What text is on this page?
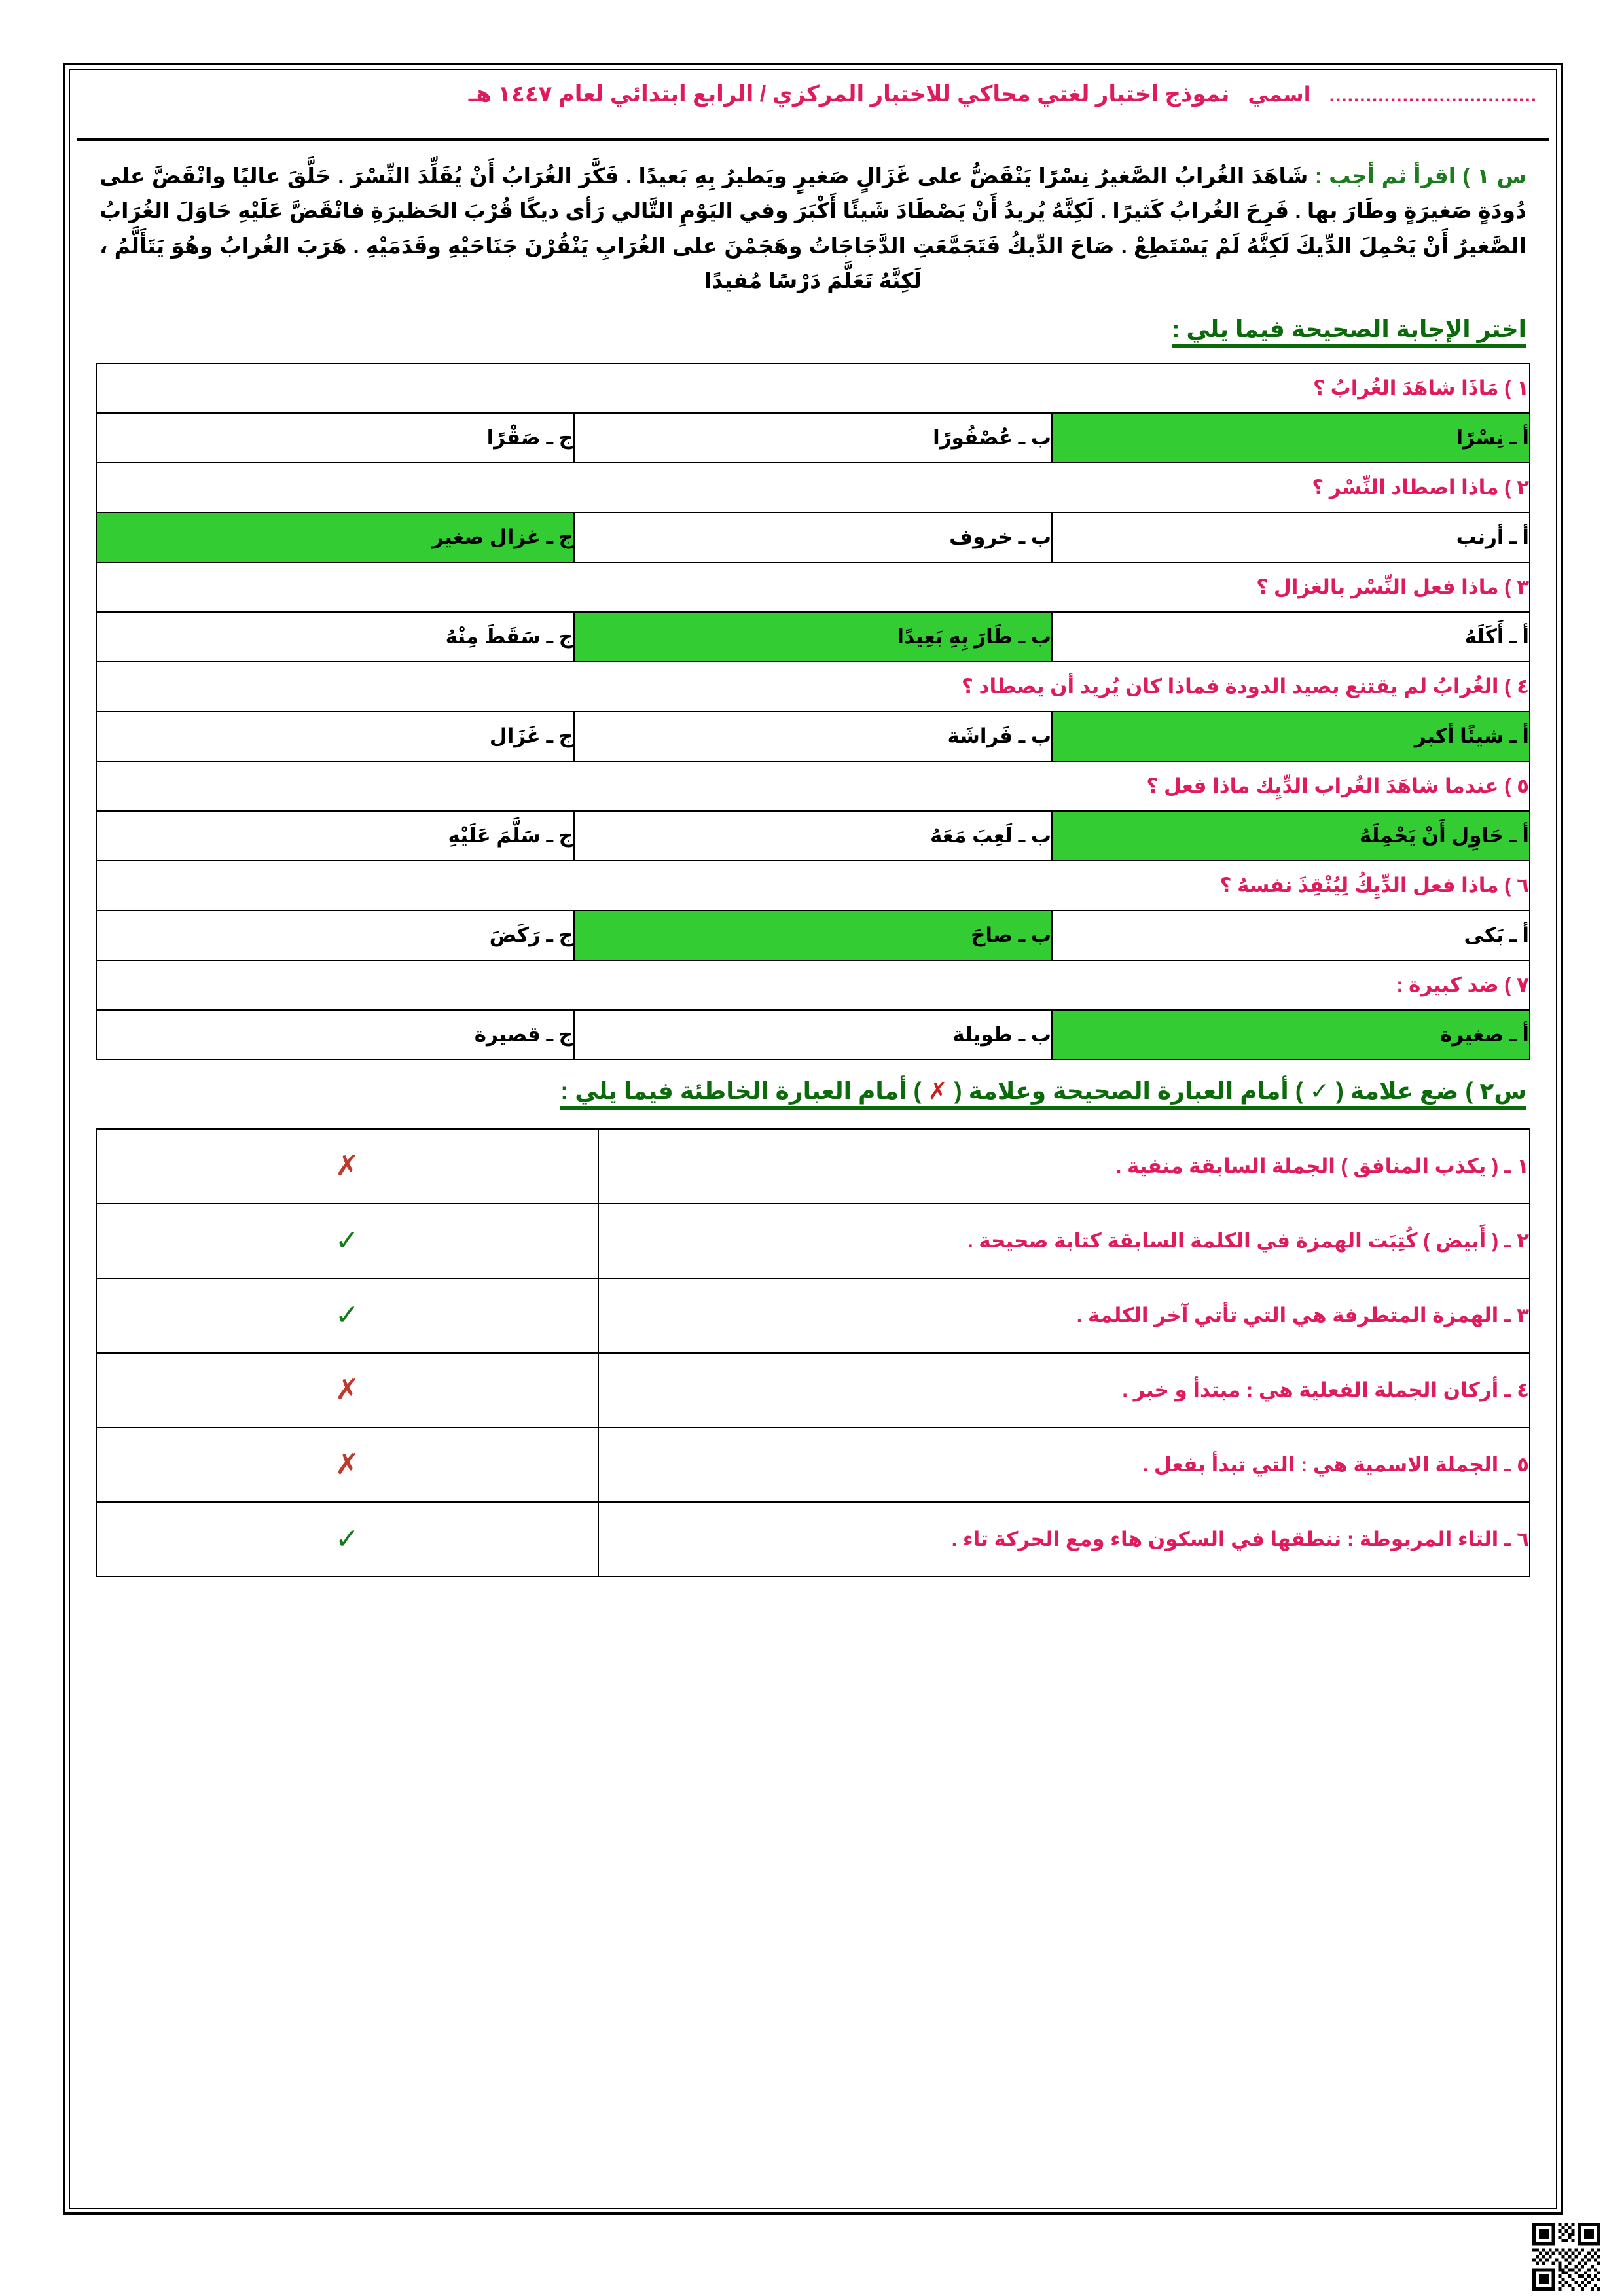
..................................
اسمي
نموذج اختبار لغتي محاكي للاختبار المركزي / الرابع ابتدائي لعام ١٤٤٧ هـ
س ١ ) اقرأ ثم أجب : شَاهَدَ الغُرابُ الصَّغيرُ نِسْرًا يَنْقَضُّ على غَزَالٍ صَغيرٍ ويَطيرُ بِهِ بَعيدًا . فَكَّرَ الغُرَابُ أَنْ يُقَلِّدَ النِّسْرَ . حَلَّقَ عاليًا وانْقَضَّ على دُودَةٍ صَغيرَةٍ وطَارَ بها . فَرِحَ الغُرابُ كَثيرًا . لَكِنَّهُ يُريدُ أَنْ يَصْطَادَ شَيئًا أَكْبَرَ وفي اليَوْمِ التَّالي رَأى ديكًا قُرْبَ الحَظيرَةِ فانْقَضَّ عَلَيْهِ حَاوَلَ الغُرَابُ الصَّغيرُ أَنْ يَحْمِلَ الدِّيكَ لَكِنَّهُ لَمْ يَسْتَطِعْ . صَاحَ الدِّيكُ فَتَجَمَّعَتِ الدَّجَاجَاتُ وهَجَمْنَ على الغُرَابِ يَنْقُرْنَ جَنَاحَيْهِ وقَدَمَيْهِ . هَرَبَ الغُرابُ وهُوَ يَتَأَلَّمُ ، لَكِنَّهُ تَعَلَّمَ دَرْسًا مُفيدًا
اختر الإجابة الصحيحة فيما يلي :
١ ) مَاذَا شاهَدَ الغُرابُ ؟		
أ ـ نِسْرًا	ب ـ عُصْفُورًا	ج ـ صَقْرًا
٢ ) ماذا اصطاد النِّسْر ؟		
أ ـ أرنب	ب ـ خروف	ج ـ غزال صغير
٣ ) ماذا فعل النِّسْر بالغزال ؟		
أ ـ أَكَلَهُ	ب ـ طَارَ بِهِ بَعِيدًا	ج ـ سَقَطَ مِنْهُ
٤ ) الغُرابُ لم يقتنع بصيد الدودة فماذا كان يُريد أن يصطاد ؟		
أ ـ شيئًا أكبر	ب ـ فَراشَة	ج ـ غَزَال
٥ ) عندما شاهَدَ الغُراب الدِّيِك ماذا فعل ؟		
أ ـ حَاوِل أَنْ يَحْمِلَهُ	ب ـ لَعِبَ مَعَهُ	ج ـ سَلَّمَ عَلَيْهِ
٦ ) ماذا فعل الدِّيِكُ لِيُنْقِذَ نفسهُ ؟		
أ ـ بَكى	ب ـ صاحَ	ج ـ رَكَضَ
٧ ) ضد كبيرة :		
أ ـ صغيرة	ب ـ طويلة	ج ـ قصيرة
س٢ ) ضع علامة ( ✓ ) أمام العبارة الصحيحة وعلامة ( ✗ ) أمام العبارة الخاطئة فيما يلي :
١ ـ ( يكذب المنافق ) الجملة السابقة منفية .	✗
٢ ـ ( أَبيض ) كُتِبَت الهمزة في الكلمة السابقة كتابة صحيحة .	✓
٣ ـ الهمزة المتطرفة هي التي تأتي آخر الكلمة .	✓
٤ ـ أركان الجملة الفعلية هي : مبتدأ و خبر .	✗
٥ ـ الجملة الاسمية هي : التي تبدأ بفعل .	✗
٦ ـ التاء المربوطة : ننطقها في السكون هاء ومع الحركة تاء .	✓
